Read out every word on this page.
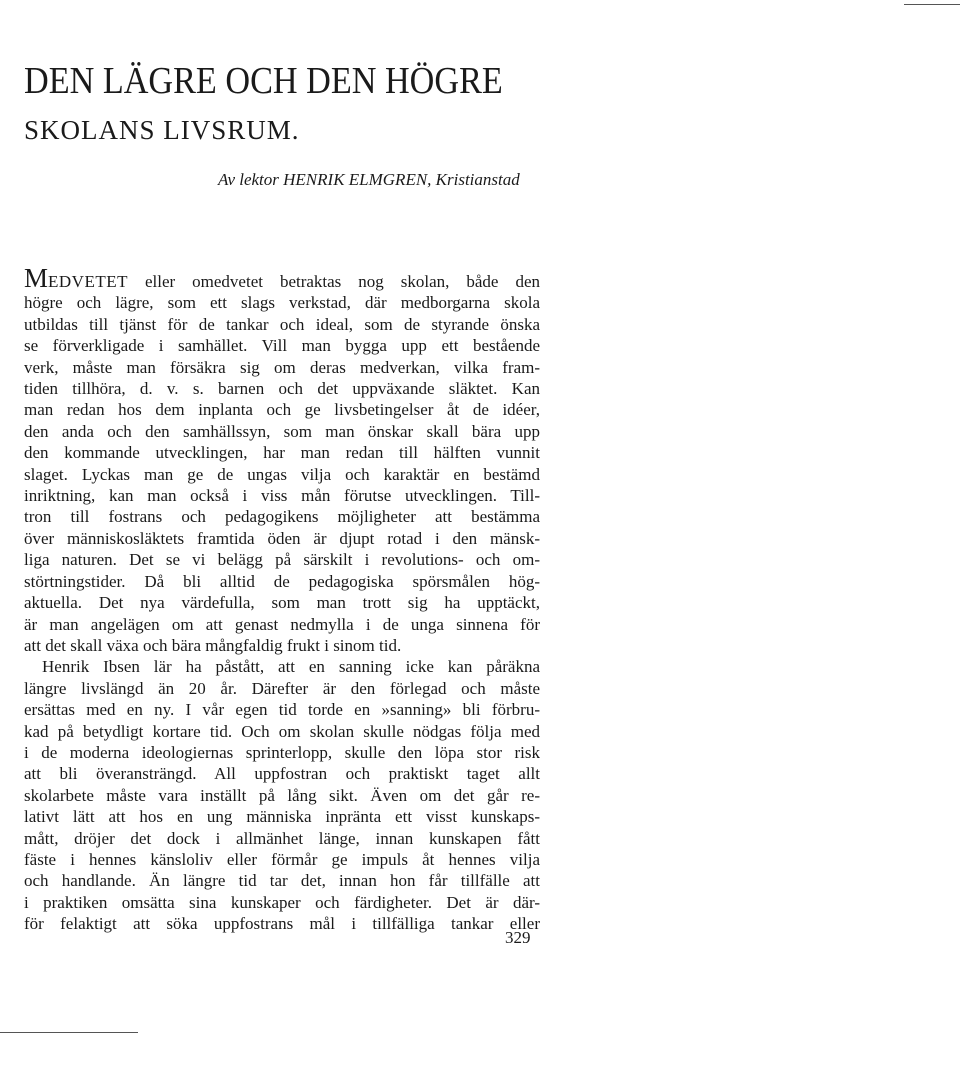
DEN LÄGRE OCH DEN HÖGRE
SKOLANS LIVSRUM.

Av lektor HENRIK ELMGREN, Kristianstad

MEDVETET eller omedvetet betraktas nog skolan, både den
högre och lägre, som ett slags verkstad, där medborgarna skola
utbildas till tjänst för de tankar och ideal, som de styrande önska
se förverkligade i samhället. Vill man bygga upp ett bestående
verk, måste man försäkra sig om deras medverkan, vilka fram-
tiden tillhöra, d. v. s. barnen och det uppväxande släktet. Kan
man redan hos dem inplanta och ge livsbetingelser åt de idéer,
den anda och den samhällssyn, som man önskar skall bära upp
den kommande utvecklingen, har man redan till hälften vunnit
slaget. Lyckas man ge de ungas vilja och karaktär en bestämd
inriktning, kan man också i viss mån förutse utvecklingen. Till-
tron till fostrans och pedagogikens möjligheter att bestämma
över människosläktets framtida öden är djupt rotad i den mänsk-
liga naturen. Det se vi belägg på särskilt i revolutions- och om-
störtningstider. Då bli alltid de pedagogiska spörsmålen hög-
aktuella. Det nya värdefulla, som man trott sig ha upptäckt,
är man angelägen om att genast nedmylla i de unga sinnena för
att det skall växa och bära mångfaldig frukt i sinom tid.

Henrik Ibsen lär ha påstått, att en sanning icke kan påräkna
längre livslängd än 20 år. Därefter är den förlegad och måste
ersättas med en ny. I vår egen tid torde en »sanning» bli förbru-
kad på betydligt kortare tid. Och om skolan skulle nödgas följa med
i de moderna ideologiernas sprinterlopp, skulle den löpa stor risk
att bli överansträngd. All uppfostran och praktiskt taget allt
skolarbete måste vara inställt på lång sikt. Även om det går re-
lativt lätt att hos en ung människa inpränta ett visst kunskaps-
mått, dröjer det dock i allmänhet länge, innan kunskapen fått
fäste i hennes känsloliv eller förmår ge impuls åt hennes vilja
och handlande. Än längre tid tar det, innan hon får tillfälle att
i praktiken omsätta sina kunskaper och färdigheter. Det är där-
för felaktigt att söka uppfostrans mål i tillfälliga tankar eller

329
